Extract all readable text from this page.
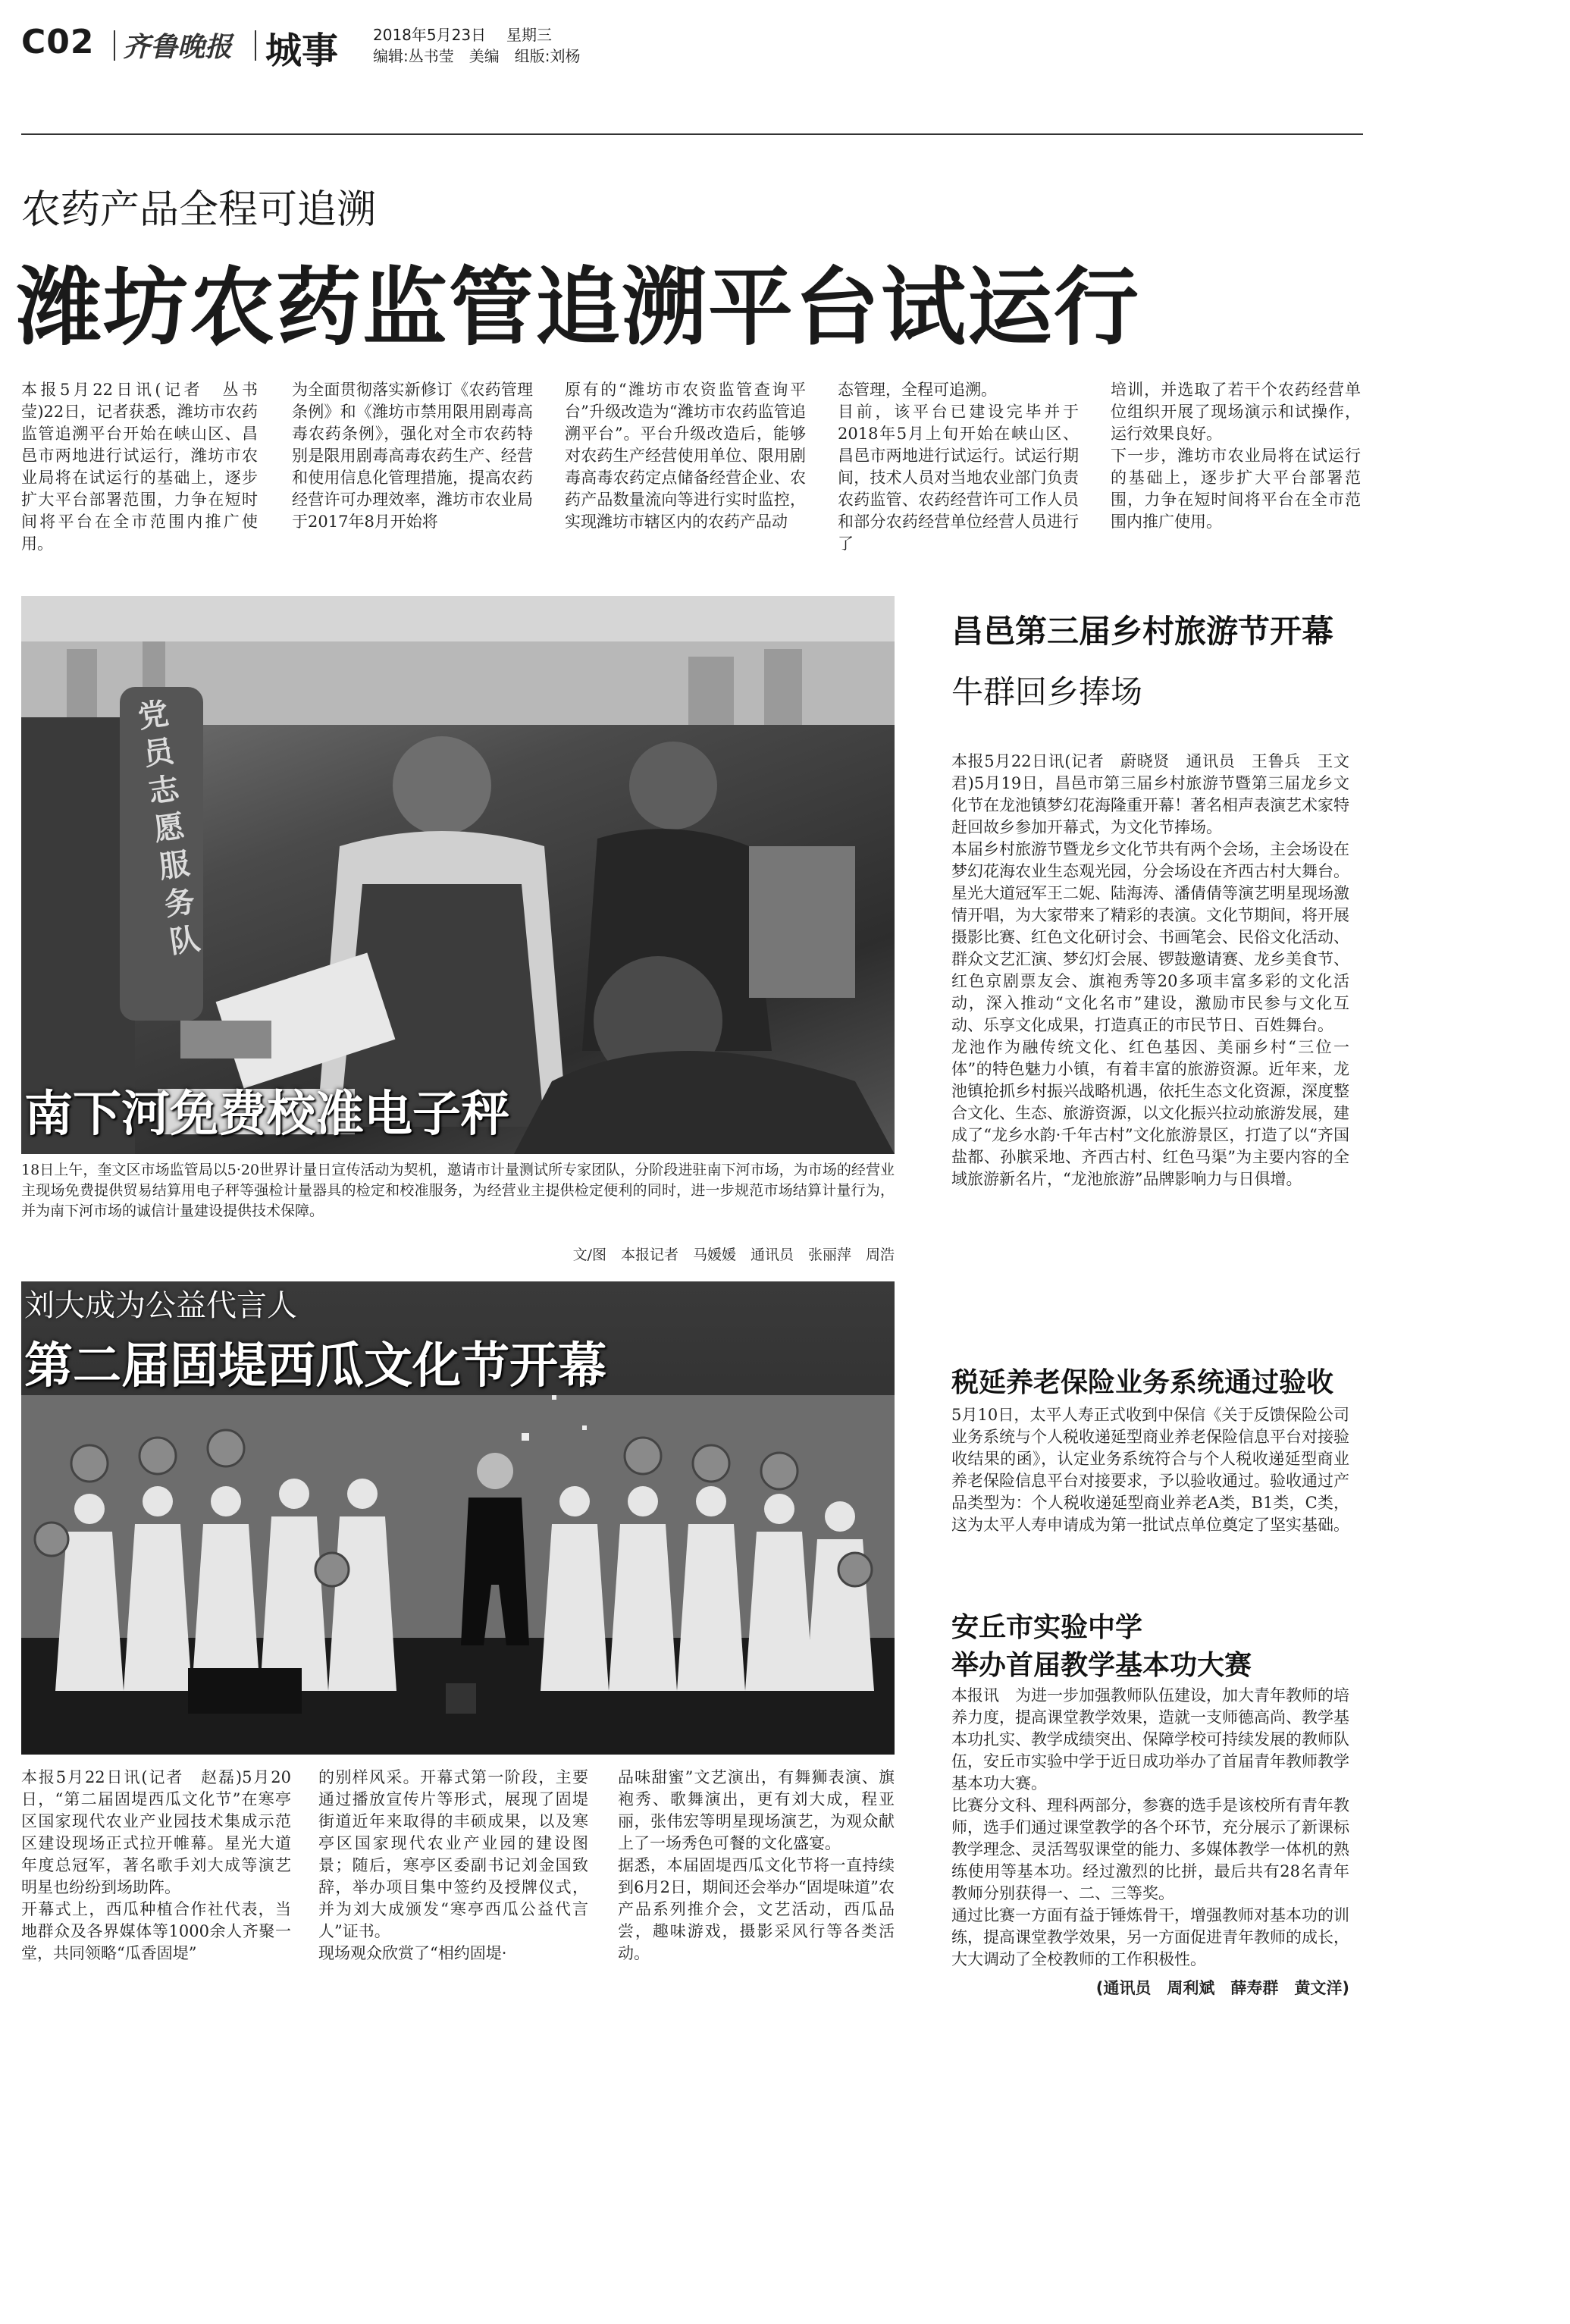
C02 齐鲁晚报 城事 2018年5月23日 星期三
编辑:丛书莹　美编　组版:刘杨
农药产品全程可追溯
潍坊农药监管追溯平台试运行
本报5月22日讯(记者　丛书莹)22日，记者获悉，潍坊市农药监管追溯平台开始在峡山区、昌邑市两地进行试运行，潍坊市农业局将在试运行的基础上，逐步扩大平台部署范围，力争在短时间将平台在全市范围内推广使用。
为全面贯彻落实新修订《农药管理条例》和《潍坊市禁用限用剧毒高毒农药条例》，强化对全市农药特别是限用剧毒高毒农药生产、经营和使用信息化管理措施，提高农药经营许可办理效率，潍坊市农业局于2017年8月开始将
原有的“潍坊市农资监管查询平台”升级改造为“潍坊市农药监管追溯平台”。平台升级改造后，能够对农药生产经营使用单位、限用剧毒高毒农药定点储备经营企业、农药产品数量流向等进行实时监控，实现潍坊市辖区内的农药产品动
态管理，全程可追溯。
目前，该平台已建设完毕并于2018年5月上旬开始在峡山区、昌邑市两地进行试运行。试运行期间，技术人员对当地农业部门负责农药监管、农药经营许可工作人员和部分农药经营单位经营人员进行了
培训，并选取了若干个农药经营单位组织开展了现场演示和试操作，运行效果良好。
下一步，潍坊市农业局将在试运行的基础上，逐步扩大平台部署范围，力争在短时间将平台在全市范围内推广使用。
党员志愿服务队
南下河免费校准电子秤
18日上午，奎文区市场监管局以5·20世界计量日宣传活动为契机，邀请市计量测试所专家团队，分阶段进驻南下河市场，为市场的经营业主现场免费提供贸易结算用电子秤等强检计量器具的检定和校准服务，为经营业主提供检定便利的同时，进一步规范市场结算计量行为，并为南下河市场的诚信计量建设提供技术保障。
文/图　本报记者　马媛媛　通讯员　张丽萍　周浩
刘大成为公益代言人
第二届固堤西瓜文化节开幕
本报5月22日讯(记者　赵磊)5月20日，“第二届固堤西瓜文化节”在寒亭区国家现代农业产业园技术集成示范区建设现场正式拉开帷幕。星光大道年度总冠军，著名歌手刘大成等演艺明星也纷纷到场助阵。
开幕式上，西瓜种植合作社代表，当地群众及各界媒体等1000余人齐聚一堂，共同领略“瓜香固堤”
的别样风采。开幕式第一阶段，主要通过播放宣传片等形式，展现了固堤街道近年来取得的丰硕成果，以及寒亭区国家现代农业产业园的建设图景；随后，寒亭区委副书记刘金国致辞，举办项目集中签约及授牌仪式，并为刘大成颁发“寒亭西瓜公益代言人”证书。
现场观众欣赏了“相约固堤·
品味甜蜜”文艺演出，有舞狮表演、旗袍秀、歌舞演出，更有刘大成，程亚丽，张伟宏等明星现场演艺，为观众献上了一场秀色可餐的文化盛宴。
据悉，本届固堤西瓜文化节将一直持续到6月2日，期间还会举办“固堤味道”农产品系列推介会，文艺活动，西瓜品尝，趣味游戏，摄影采风行等各类活动。
昌邑第三届乡村旅游节开幕
牛群回乡捧场
本报5月22日讯(记者　蔚晓贤　通讯员　王鲁兵　王文君)5月19日，昌邑市第三届乡村旅游节暨第三届龙乡文化节在龙池镇梦幻花海隆重开幕！著名相声表演艺术家特赶回故乡参加开幕式，为文化节捧场。
本届乡村旅游节暨龙乡文化节共有两个会场，主会场设在梦幻花海农业生态观光园，分会场设在齐西古村大舞台。星光大道冠军王二妮、陆海涛、潘倩倩等演艺明星现场激情开唱，为大家带来了精彩的表演。文化节期间，将开展摄影比赛、红色文化研讨会、书画笔会、民俗文化活动、群众文艺汇演、梦幻灯会展、锣鼓邀请赛、龙乡美食节、红色京剧票友会、旗袍秀等20多项丰富多彩的文化活动，深入推动“文化名市”建设，激励市民参与文化互动、乐享文化成果，打造真正的市民节日、百姓舞台。
龙池作为融传统文化、红色基因、美丽乡村“三位一体”的特色魅力小镇，有着丰富的旅游资源。近年来，龙池镇抢抓乡村振兴战略机遇，依托生态文化资源，深度整合文化、生态、旅游资源，以文化振兴拉动旅游发展，建成了“龙乡水韵·千年古村”文化旅游景区，打造了以“齐国盐都、孙膑采地、齐西古村、红色马渠”为主要内容的全域旅游新名片，“龙池旅游”品牌影响力与日俱增。
税延养老保险业务系统通过验收
5月10日，太平人寿正式收到中保信《关于反馈保险公司业务系统与个人税收递延型商业养老保险信息平台对接验收结果的函》，认定业务系统符合与个人税收递延型商业养老保险信息平台对接要求，予以验收通过。验收通过产品类型为：个人税收递延型商业养老A类，B1类，C类，这为太平人寿申请成为第一批试点单位奠定了坚实基础。
安丘市实验中学
举办首届教学基本功大赛
本报讯　为进一步加强教师队伍建设，加大青年教师的培养力度，提高课堂教学效果，造就一支师德高尚、教学基本功扎实、教学成绩突出、保障学校可持续发展的教师队伍，安丘市实验中学于近日成功举办了首届青年教师教学基本功大赛。
比赛分文科、理科两部分，参赛的选手是该校所有青年教师，选手们通过课堂教学的各个环节，充分展示了新课标教学理念、灵活驾驭课堂的能力、多媒体教学一体机的熟练使用等基本功。经过激烈的比拼，最后共有28名青年教师分别获得一、二、三等奖。
通过比赛一方面有益于锤炼骨干，增强教师对基本功的训练，提高课堂教学效果，另一方面促进青年教师的成长，大大调动了全校教师的工作积极性。
(通讯员　周利斌　薛寿群　黄文洋)
